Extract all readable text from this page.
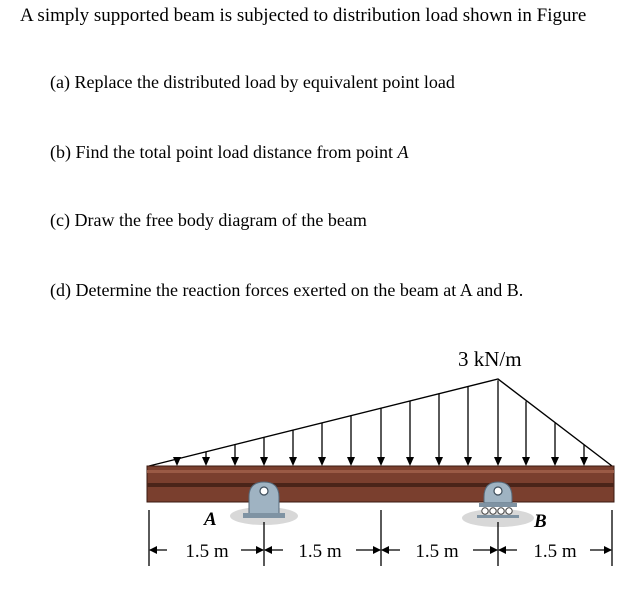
A simply supported beam is subjected to distribution load shown in Figure
(a) Replace the distributed load by equivalent point load
(b) Find the total point load distance from point A
(c) Draw the free body diagram of the beam
(d) Determine the reaction forces exerted on the beam at A and B.
3 kN/m
A	B
1.5 m	1.5 m	1.5 m	1.5 m
